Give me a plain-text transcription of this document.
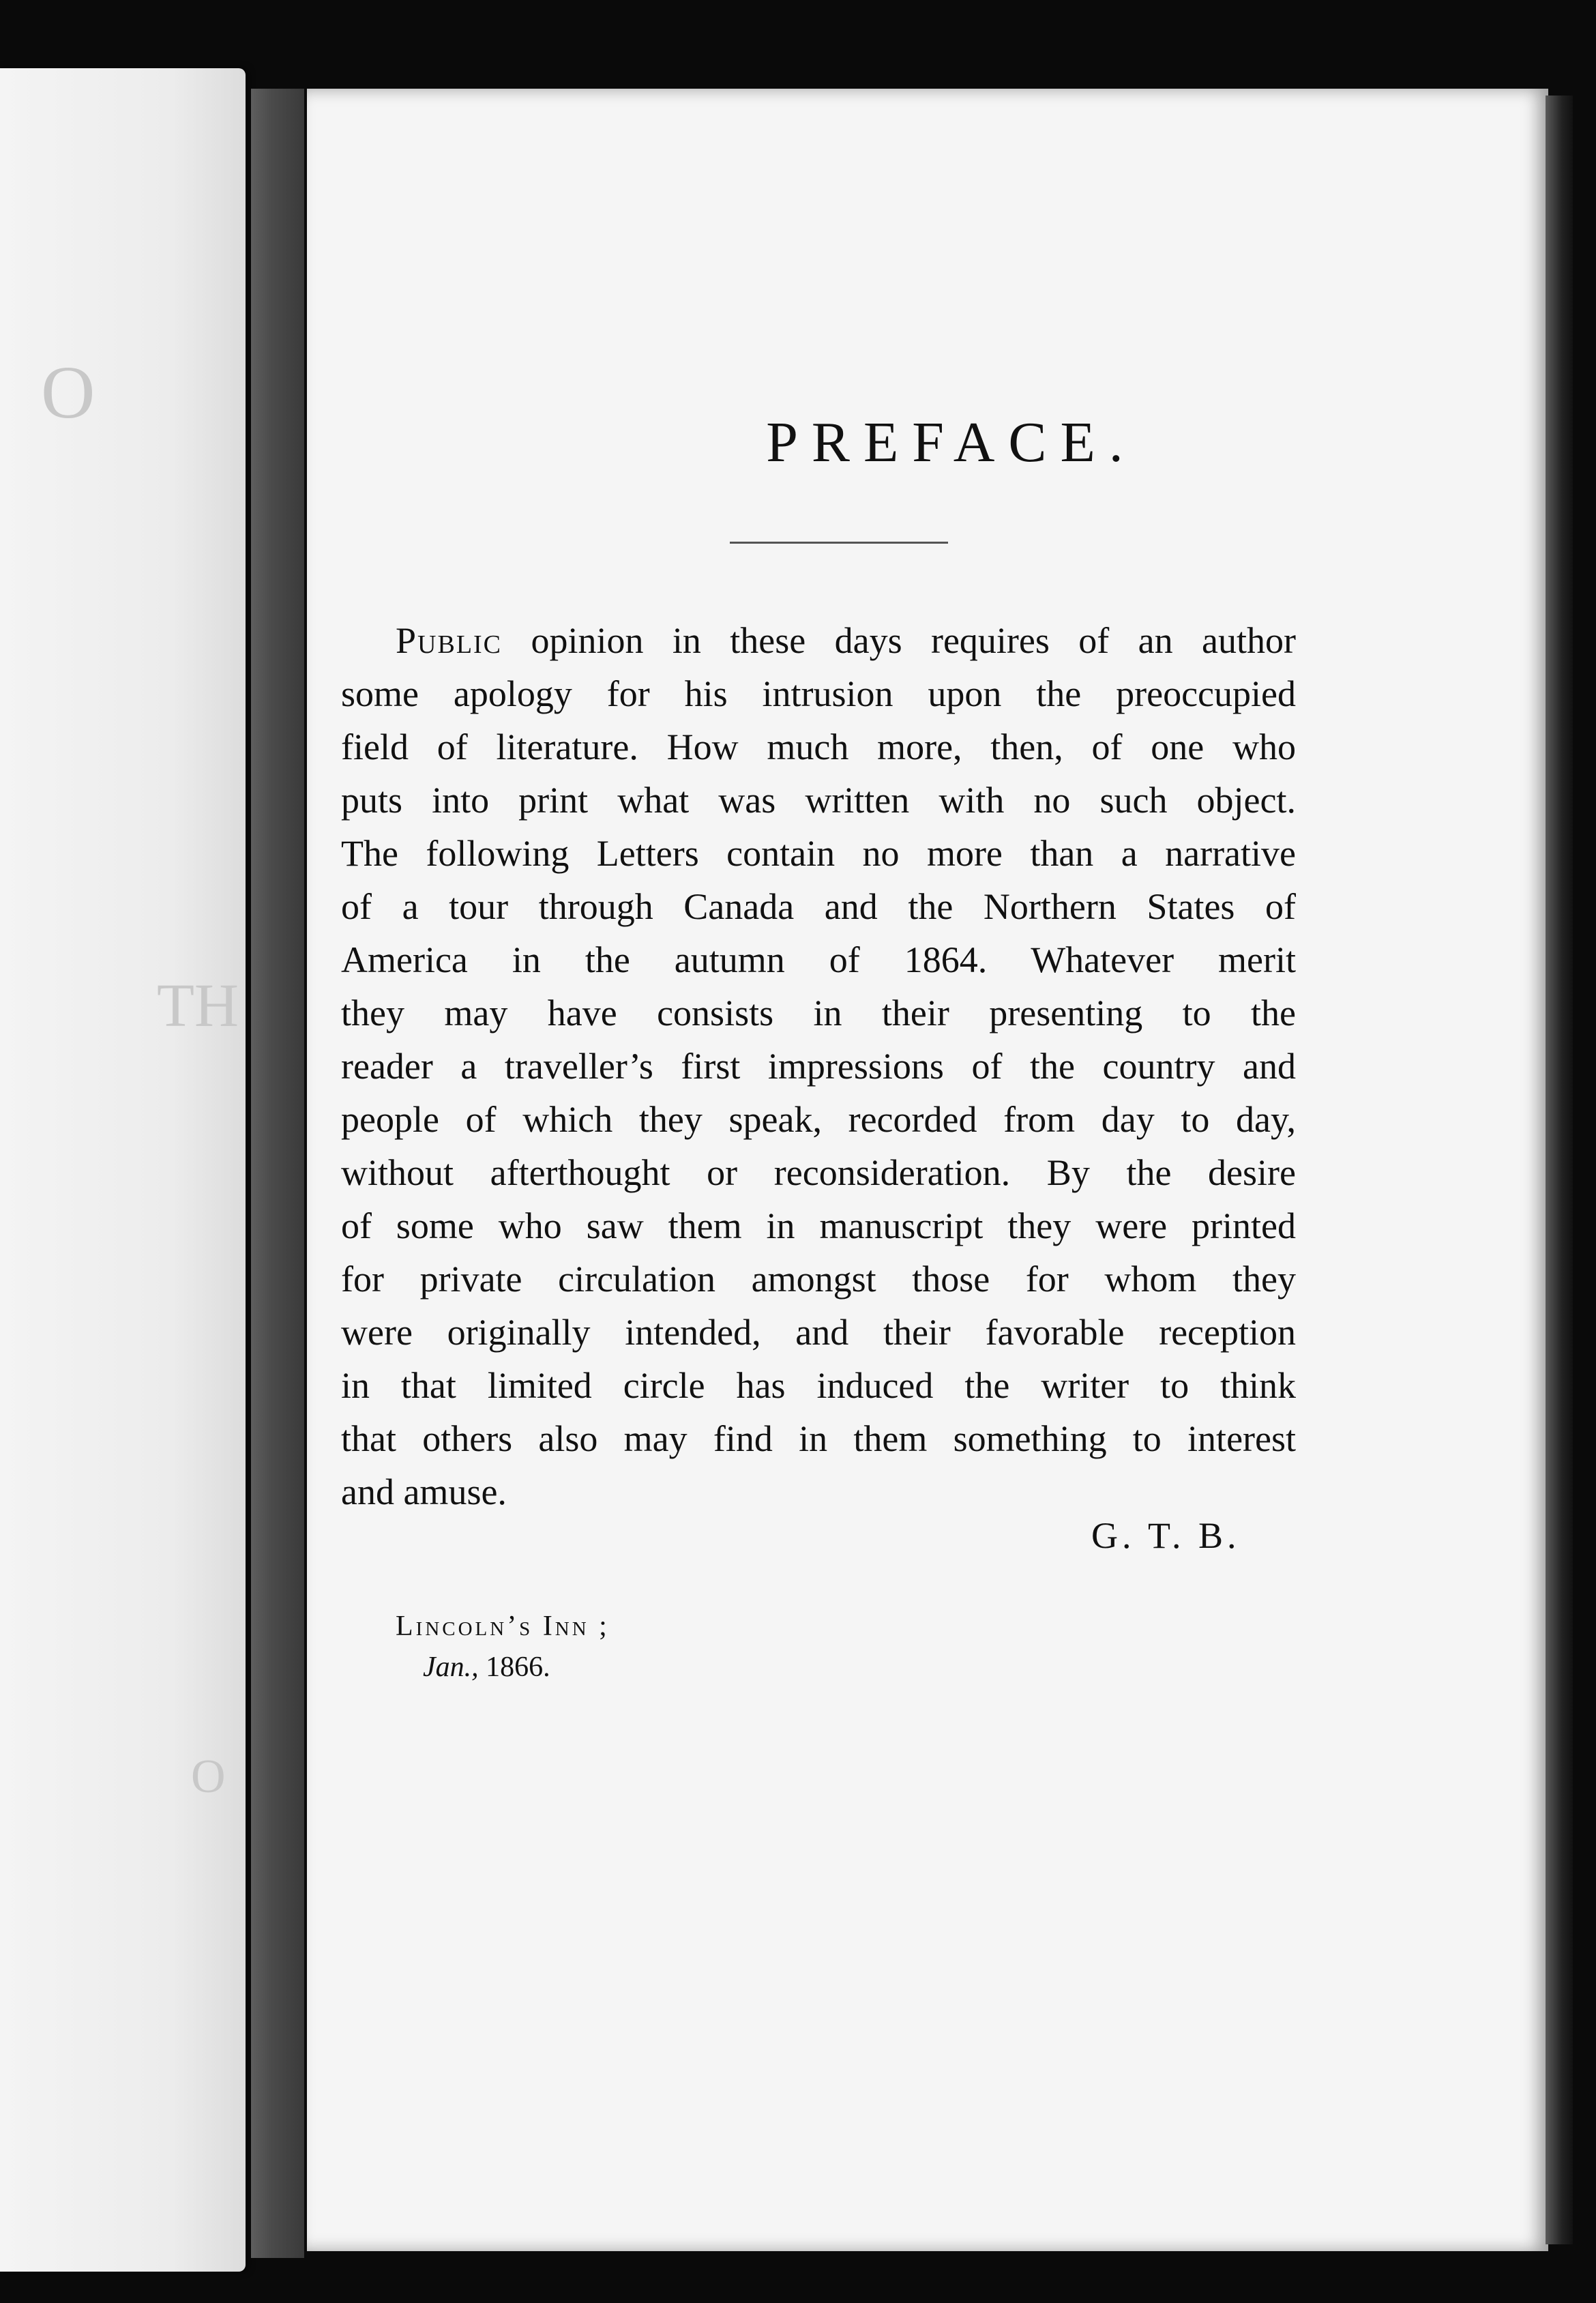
O
TH
O
PREFACE.
Public opinion in these days requires of an author
some apology for his intrusion upon the preoccupied
field of literature. How much more, then, of one who
puts into print what was written with no such object.
The following Letters contain no more than a narrative
of a tour through Canada and the Northern States of
America in the autumn of 1864. Whatever merit
they may have consists in their presenting to the
reader a traveller’s first impressions of the country and
people of which they speak, recorded from day to day,
without afterthought or reconsideration. By the desire
of some who saw them in manuscript they were printed
for private circulation amongst those for whom they
were originally intended, and their favorable reception
in that limited circle has induced the writer to think
that others also may find in them something to interest
and amuse.
G. T. B.
Lincoln’s Inn ;
Jan., 1866.
